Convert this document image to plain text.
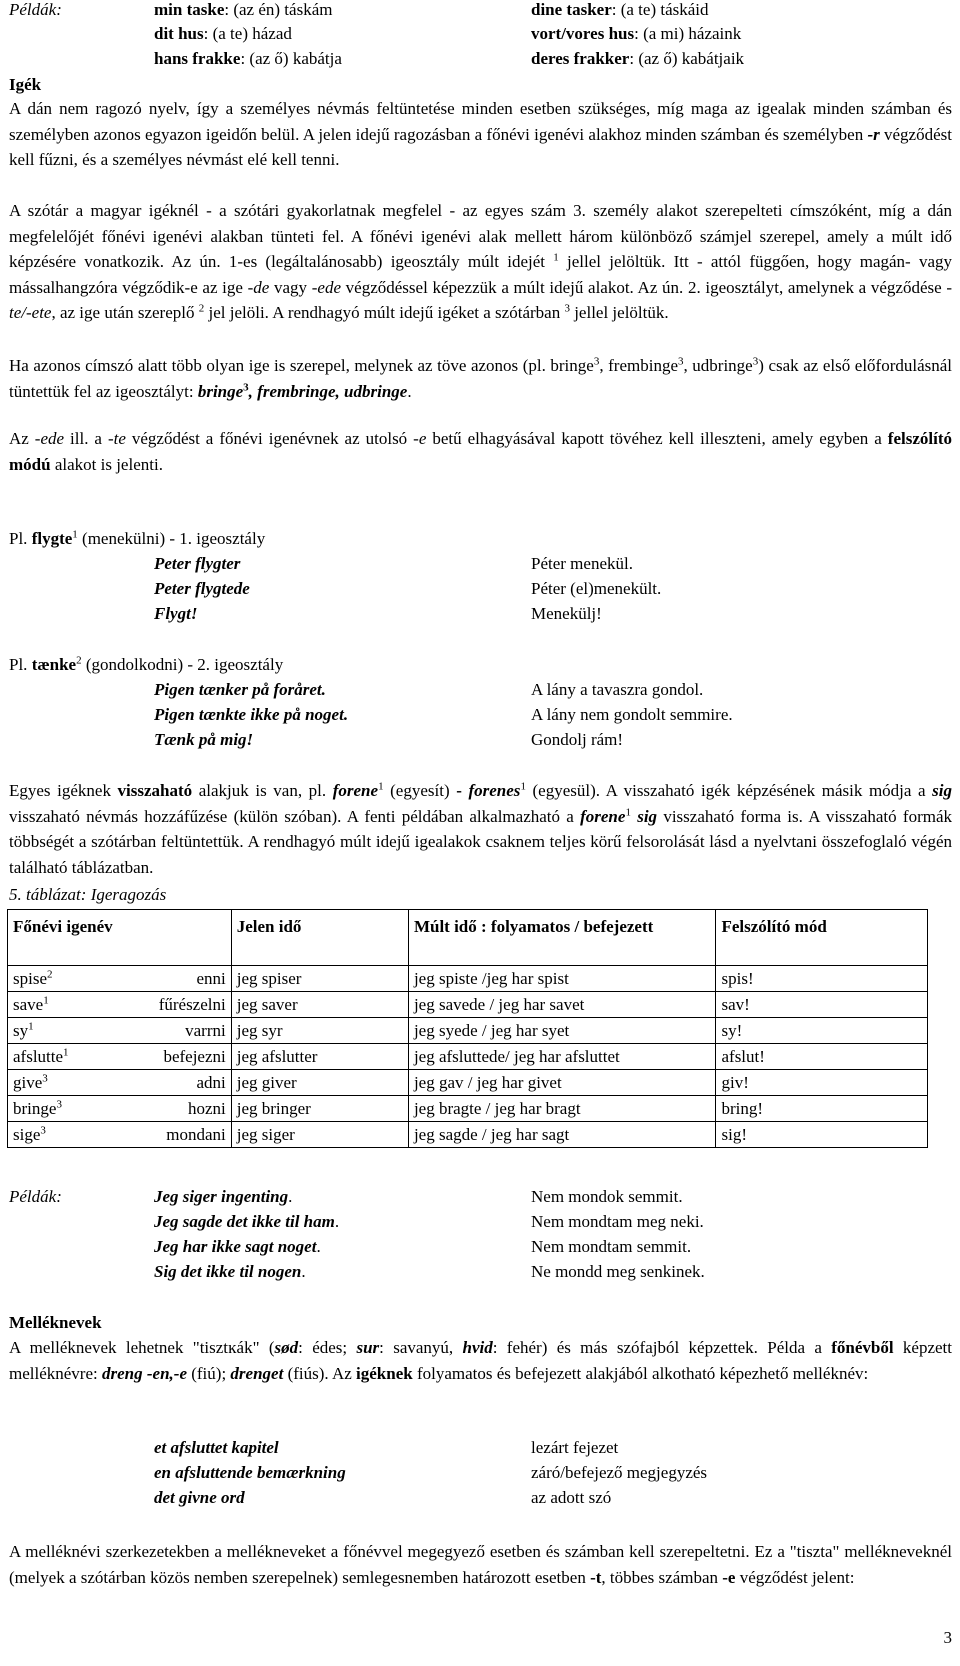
Példák:	min taske: (az én) táskám	dine tasker: (a te) táskáid
dit hus: (a te) házad	vort/vores hus: (a mi) házaink
hans frakke: (az ő) kabátja	deres frakker: (az ő) kabátjaik
Igék
A dán nem ragozó nyelv, így a személyes névmás feltüntetése minden esetben szükséges, míg maga az igealak minden számban és személyben azonos egyazon igeidőn belül. A jelen idejű ragozásban a főnévi igenévi alakhoz minden számban és személyben -r végződést kell fűzni, és a személyes névmást elé kell tenni.
A szótár a magyar igéknél - a szótári gyakorlatnak megfelel - az egyes szám 3. személy alakot szerepelteti címszóként, míg a dán megfelelőjét főnévi igenévi alakban tünteti fel. A főnévi igenévi alak mellett három különböző számjel szerepel, amely a múlt idő képzésére vonatkozik. Az ún. 1-es (legáltalánosabb) igeosztály múlt idejét $^1$ jellel jelöltük. Itt - attól függően, hogy magán- vagy mássalhangzóra végződik-e az ige -de vagy -ede végződéssel képezzük a múlt idejű alakot. Az ún. 2. igeosztályt, amelynek a végződése -te/-ete, az ige után szereplő $^2$ jel jelöli. A rendhagyó múlt idejű igéket a szótárban $^3$ jellel jelöltük.
Ha azonos címszó alatt több olyan ige is szerepel, melynek az töve azonos (pl. bringe$^3$, frembinge$^3$, udbringe$^3$) csak az első előfordulásnál tüntettük fel az igeosztályt: bringe$^3$, frembringe, udbringe.
Az -ede ill. a -te végződést a főnévi igenévnek az utolsó -e betű elhagyásával kapott tövéhez kell illeszteni, amely egyben a felszólító módú alakot is jelenti.
Pl. flygte$^1$ (menekülni) - 1. igeosztály
Peter flygter	Péter menekül.
Peter flygtede	Péter (el)menekült.
Flygt!	Menekülj!
Pl. tænke$^2$ (gondolkodni) - 2. igeosztály
Pigen tænker på foråret.	A lány a tavaszra gondol.
Pigen tænkte ikke på noget.	A lány nem gondolt semmire.
Tænk på mig!	Gondolj rám!
Egyes igéknek visszaható alakjuk is van, pl. forene$^1$ (egyesít) - forenes$^1$ (egyesül). A visszaható igék képzésének másik módja a sig visszaható névmás hozzáfűzése (külön szóban). A fenti példában alkalmazható a forene$^1$ sig visszaható forma is. A visszaható formák többségét a szótárban feltüntettük. A rendhagyó múlt idejű igealakok csaknem teljes körű felsorolását lásd a nyelvtani összefoglaló végén található táblázatban.
5. táblázat: Igeragozás
Főnévi igenév	Jelen idő	Múlt idő : folyamatos / befejezett	Felszólító mód

spise$^2$ enni	jeg spiser	jeg spiste /jeg har spist	spis!

save$^1$ fűrészelni	jeg saver	jeg savede / jeg har savet	sav!

$sy^1$ varrni	jeg syr	jeg syede / jeg har syet	sy!

afslutte$^1$ befejezni	jeg afslutter	jeg afsluttede/ jeg har afsluttet	afslut!

give$^3$ adni	jeg giver	jeg gav / jeg har givet	giv!

bringe$^3$ hozni	jeg bringer	jeg bragte / jeg har bragt	bring!

sige$^3$ mondani	jeg siger	jeg sagde / jeg har sagt	sig!
Példák:	Jeg siger ingenting.	Nem mondok semmit.
Jeg sagde det ikke til ham.	Nem mondtam meg neki.
Jeg har ikke sagt noget.	Nem mondtam semmit.
Sig det ikke til nogen.	Ne mondd meg senkinek.
Melléknevek
A melléknevek lehetnek "tisztĸák" (sød: édes; sur: savanyú, hvid: fehér) és más szófajból képzettek. Példa a főnévből képzett melléknévre: dreng -en,-e (fiú); drenget (fiús). Az igéknek folyamatos és befejezett alakjából alkotható képezhető melléknév:
et afsluttet kapitel	lezárt fejezet
en afsluttende bemærkning	záró/befejező megjegyzés
det givne ord	az adott szó
A melléknévi szerkezetekben a mellékneveket a főnévvel megegyező esetben és számban kell szerepeltetni. Ez a "tiszta" mellékneveknél (melyek a szótárban közös nemben szerepelnek) semlegesnemben határozott esetben -t, többes számban -e végződést jelent:
3
